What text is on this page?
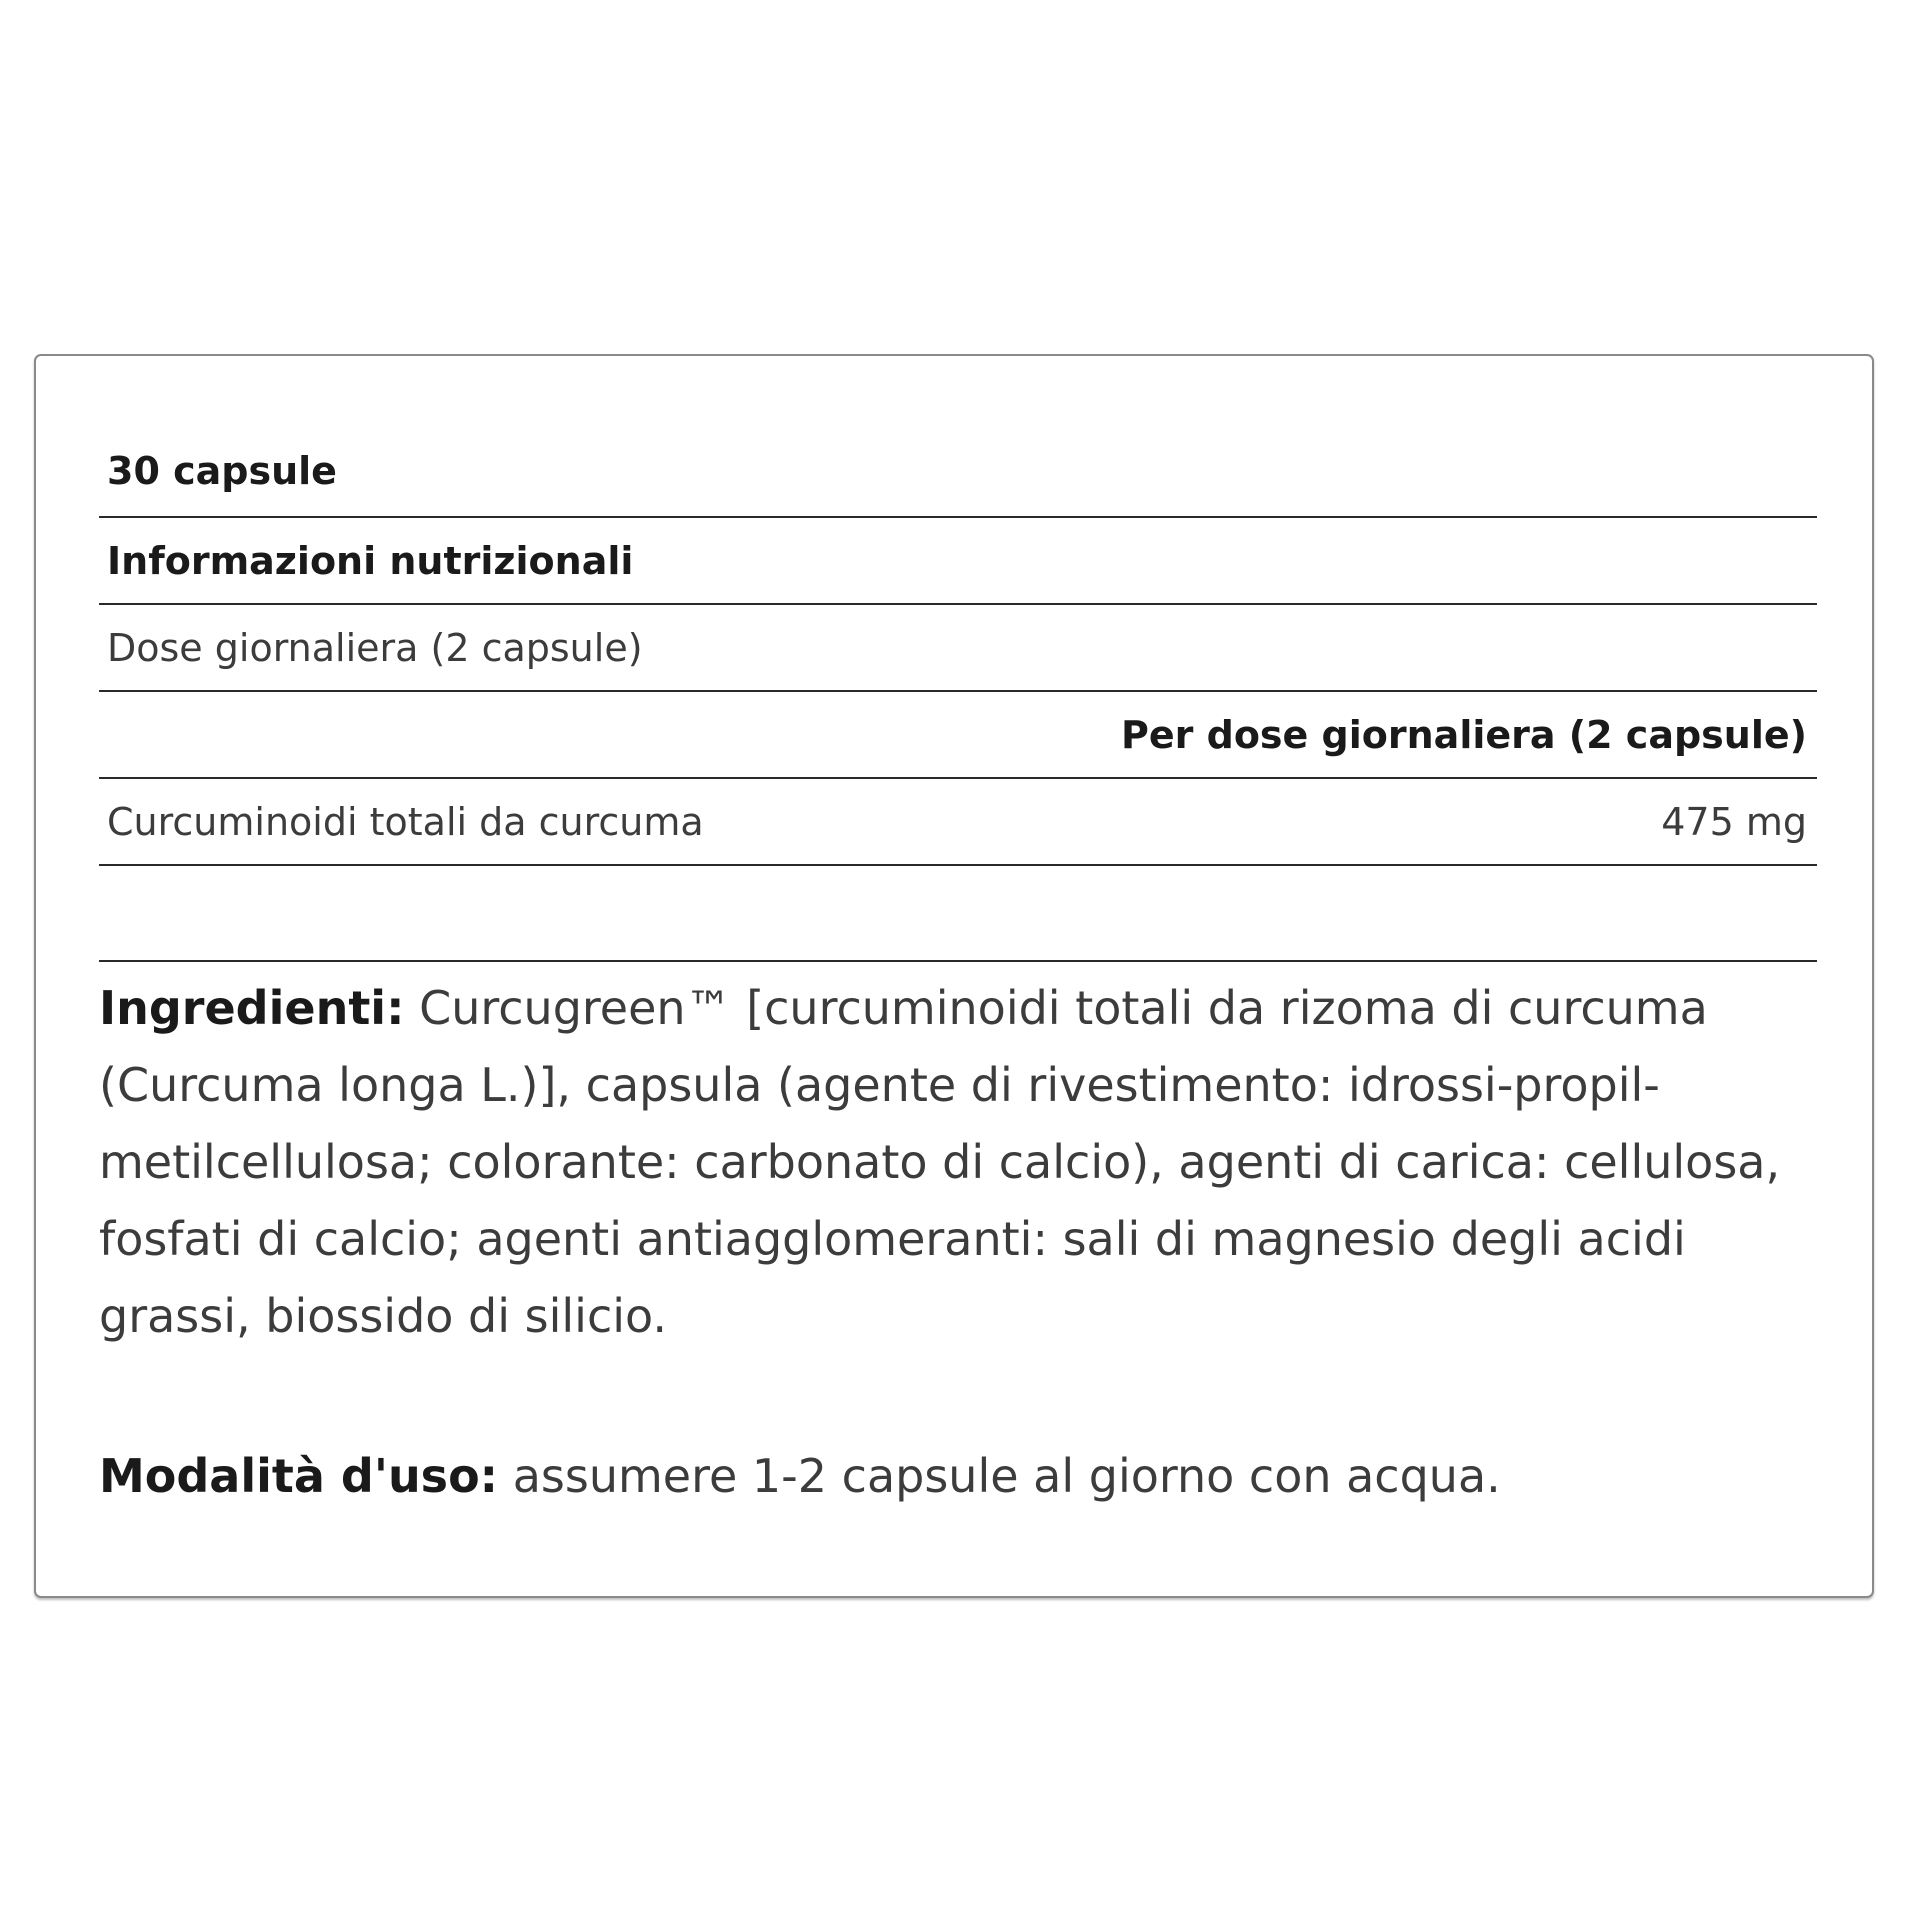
30 capsule
Informazioni nutrizionali
Dose giornaliera (2 capsule)
Per dose giornaliera (2 capsule)
Curcuminoidi totali da curcuma	475 mg
Ingredienti: Curcugreen™ [curcuminoidi totali da rizoma di curcuma (Curcuma longa L.)], capsula (agente di rivestimento: idrossi-propil-metilcellulosa; colorante: carbonato di calcio), agenti di carica: cellulosa, fosfati di calcio; agenti antiagglomeranti: sali di magnesio degli acidi grassi, biossido di silicio.
Modalità d'uso: assumere 1-2 capsule al giorno con acqua.
